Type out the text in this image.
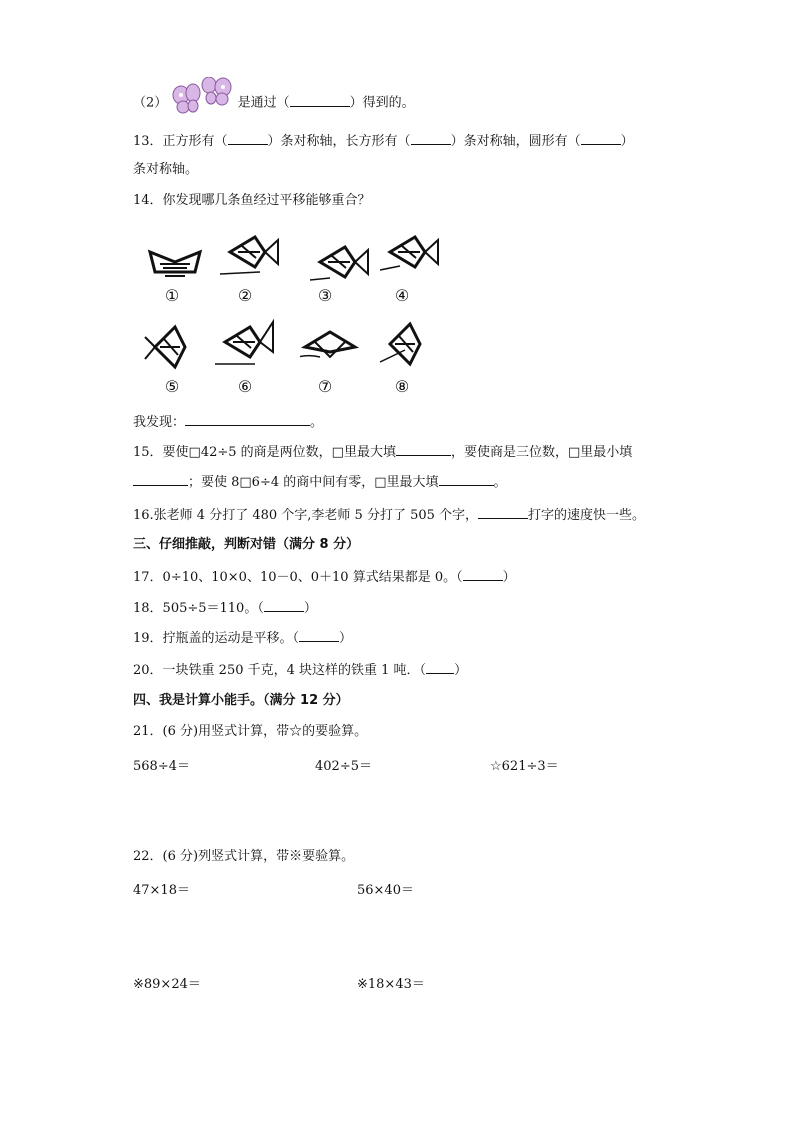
（2）	是通过（	）得到的。
13．正方形有（	）条对称轴，长方形有（	）条对称轴，圆形有（	）
条对称轴。
14．你发现哪几条鱼经过平移能够重合？
①	②	③	④
⑤	⑥	⑦	⑧
我发现：	。
15．要使□42÷5 的商是两位数，□里最大填	，要使商是三位数，□里最小填
；要使 8□6÷4 的商中间有零，□里最大填	。
16.张老师 4 分打了 480 个字,李老师 5 分打了 505 个字，	打字的速度快一些。
三、仔细推敲，判断对错（满分 8 分）
17．0÷10、10×0、10－0、0＋10 算式结果都是 0。（	）
18．505÷5＝110。（	）
19．拧瓶盖的运动是平移。（	）
20．一块铁重 250 千克，4 块这样的铁重 1 吨．（ ）
四、我是计算小能手。（满分 12 分）
21．(6 分)用竖式计算，带☆的要验算。
568÷4＝	402÷5＝	☆621÷3＝
22．(6 分)列竖式计算，带※要验算。
47×18＝	56×40＝
※89×24＝	※18×43＝
